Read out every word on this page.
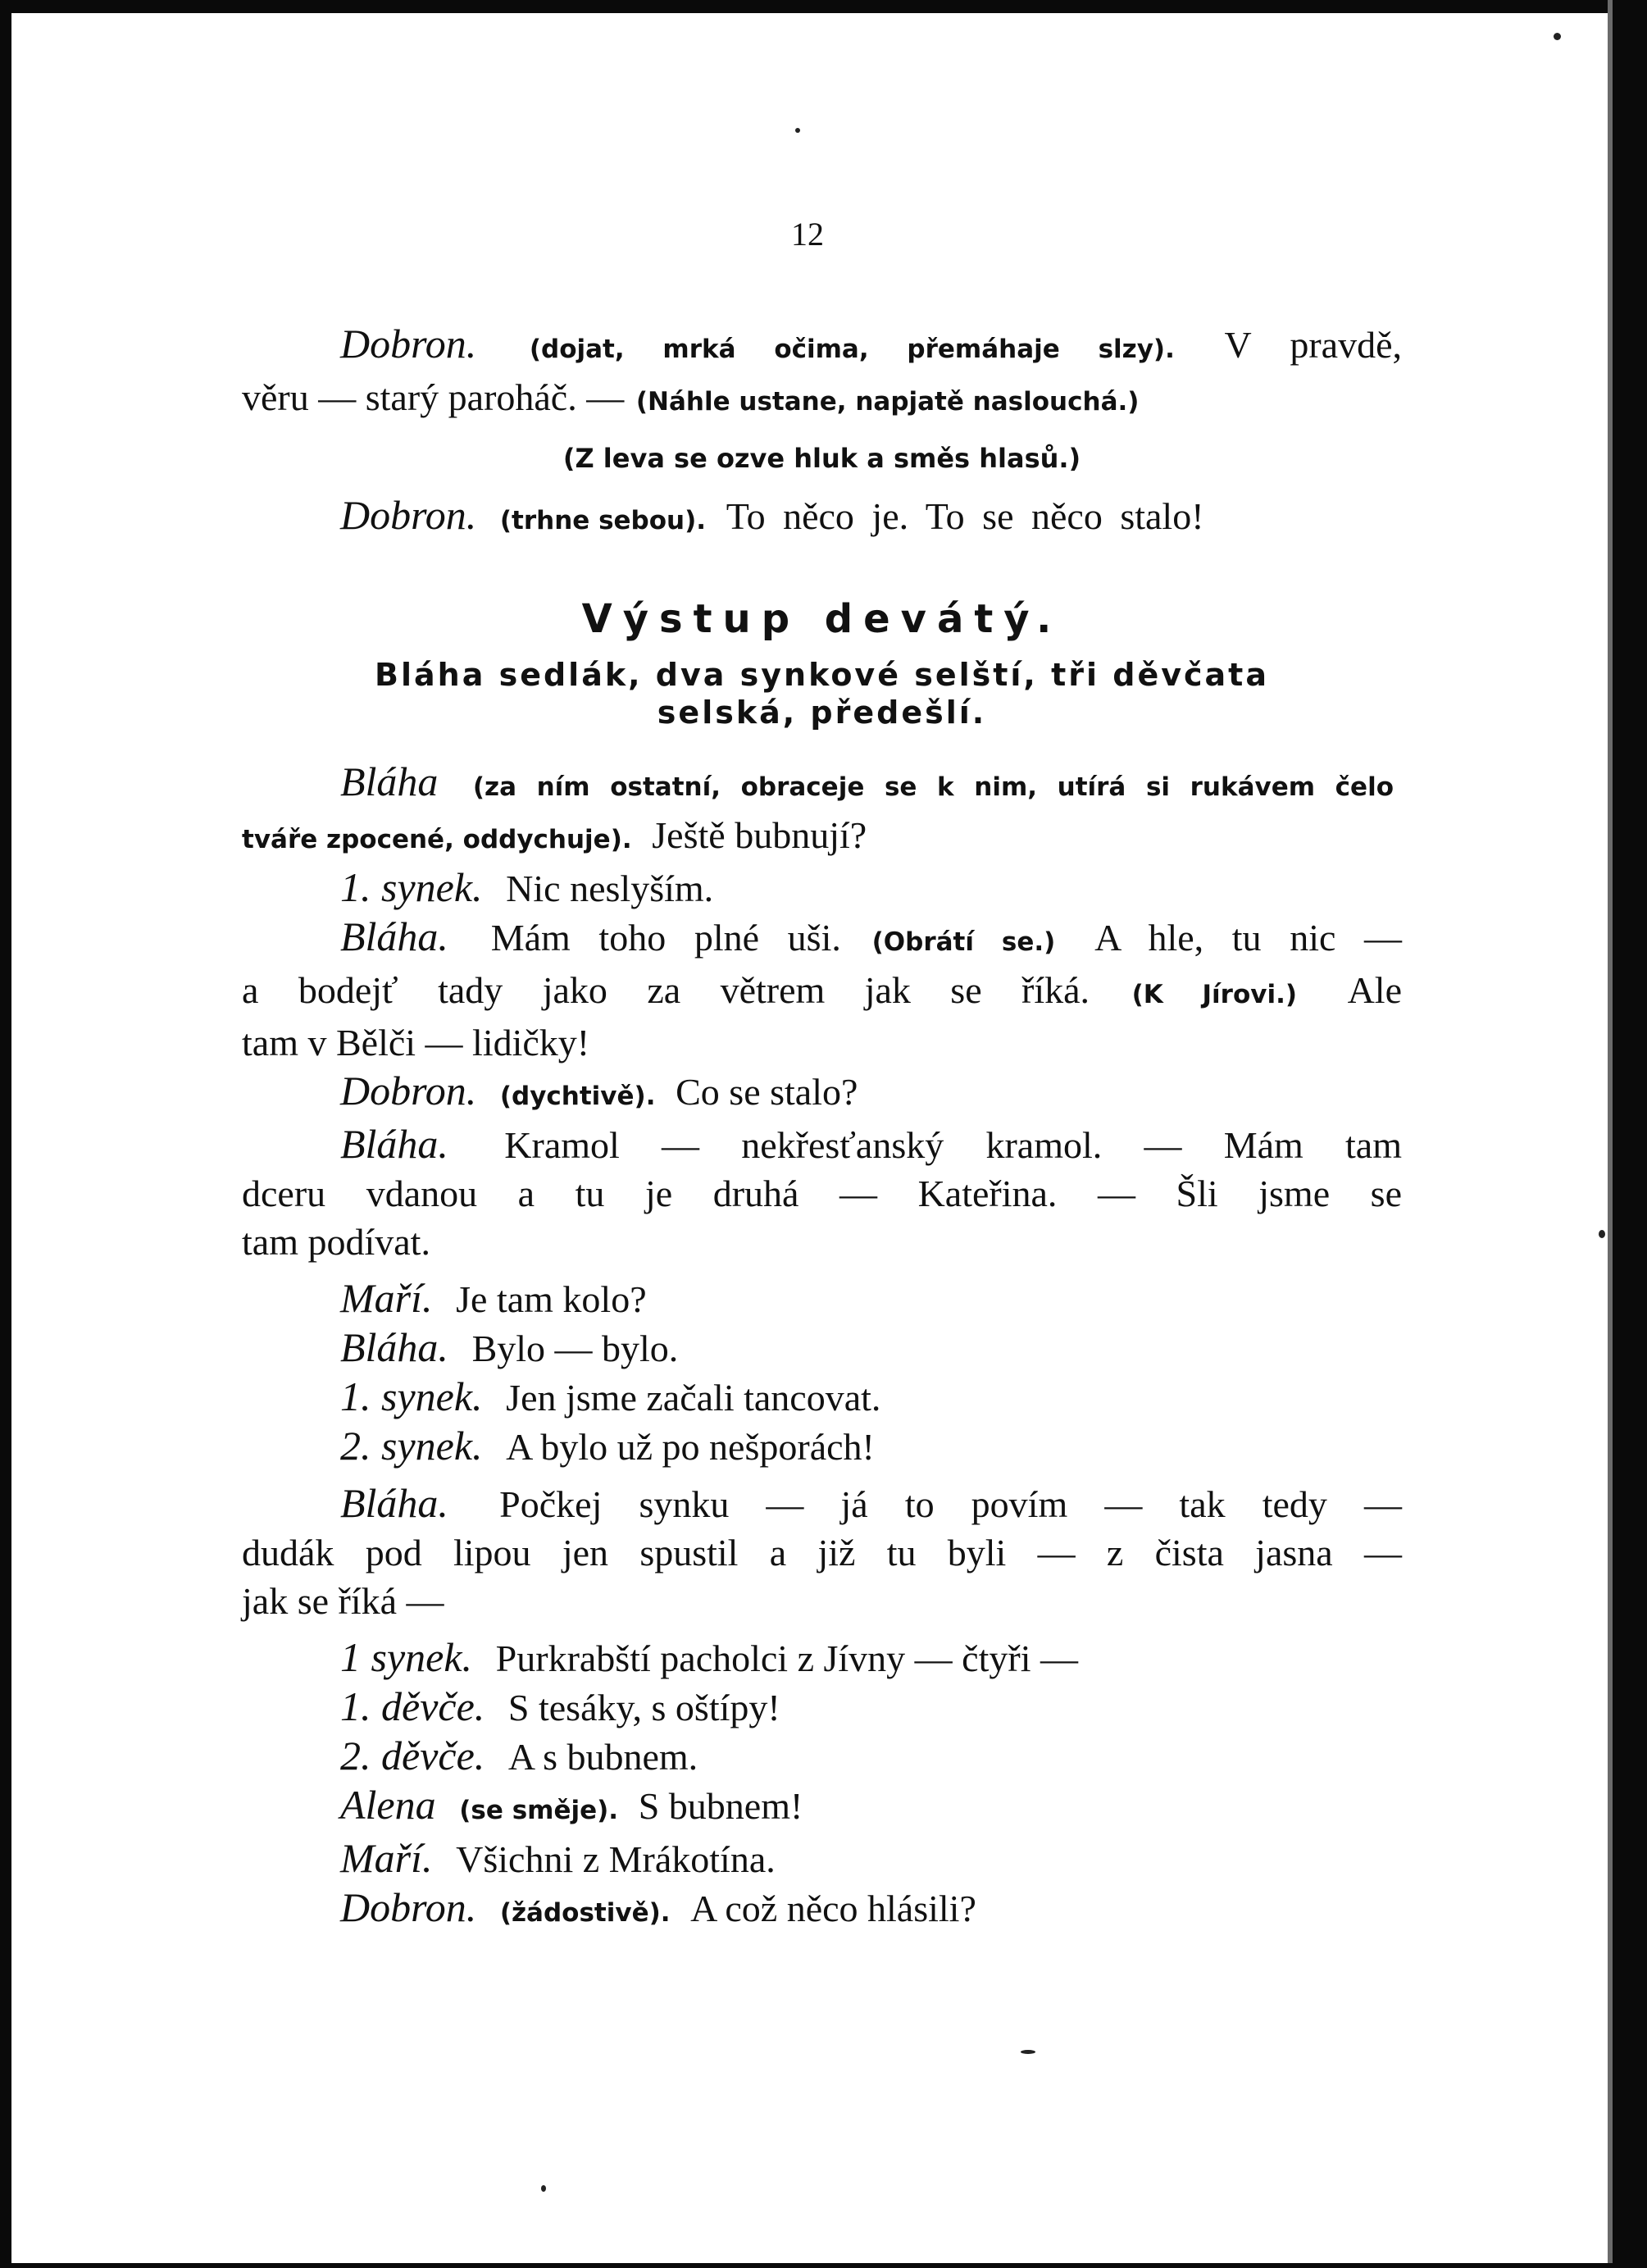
12

Dobron. (dojat, mrká očima, přemáhaje slzy). V pravdě,

věru — starý paroháč. — (Náhle ustane, napjatě naslouchá.)

(Z leva se ozve hluk a směs hlasů.)

Dobron. (trhne sebou). To něco je. To se něco stalo!

Výstup devátý.

Bláha sedlák, dva synkové selští, tři děvčata

selská, předešlí.

Bláha (za ním ostatní, obraceje se k nim, utírá si rukávem čelo

tváře zpocené, oddychuje). Ještě bubnují?

1. synek. Nic neslyším.

Bláha. Mám toho plné uši. (Obrátí se.) A hle, tu nic —

a bodejť tady jako za větrem jak se říká. (K Jírovi.) Ale

tam v Bělči — lidičky!

Dobron. (dychtivě). Co se stalo?

Bláha. Kramol — nekřesťanský kramol. — Mám tam

dceru vdanou a tu je druhá — Kateřina. — Šli jsme se

tam podívat.

Maří. Je tam kolo?

Bláha. Bylo — bylo.

1. synek. Jen jsme začali tancovat.

2. synek. A bylo už po nešporách!

Bláha. Počkej synku — já to povím — tak tedy —

dudák pod lipou jen spustil a již tu byli — z čista jasna —

jak se říká —

1 synek. Purkrabští pacholci z Jívny — čtyři —

1. děvče. S tesáky, s oštípy!

2. děvče. A s bubnem.

Alena (se směje). S bubnem!

Maří. Všichni z Mrákotína.

Dobron. (žádostivě). A což něco hlásili?
